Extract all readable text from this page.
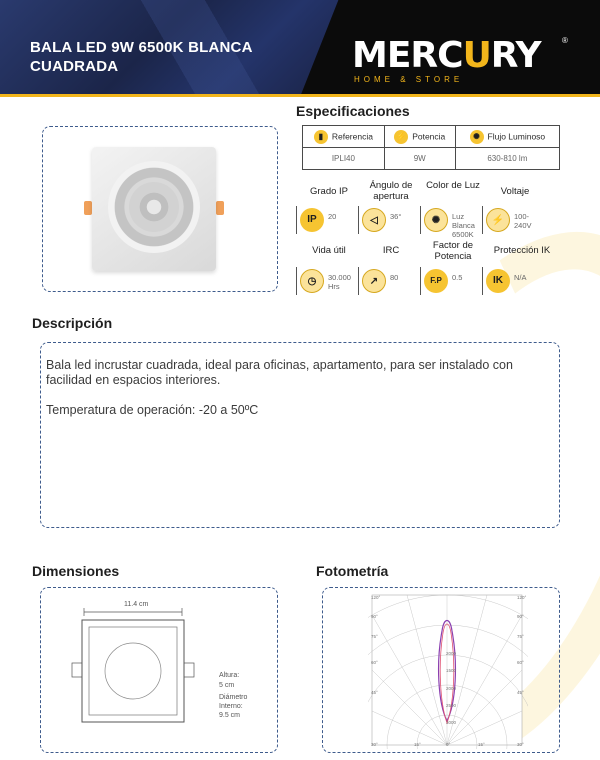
BALA LED 9W 6500K BLANCA CUADRADA	MERCURY
HOME & STORE
®
Especificaciones
▮ Referencia	⚡ Potencia	✺ Flujo Luminoso
IPLI40	9W	630-810 lm
Grado IP
IP	20
Ángulo de apertura
◁	36°
Color de Luz
✺	Luz Blanca 6500K
Voltaje
⚡	100-240V
Vida útil
◷	30.000 Hrs
IRC
↗	80
Factor de Potencia
F.P	0.5
Protección IK
IK	N/A
Descripción

Bala led incrustar cuadrada, ideal para oficinas, apartamento, para ser instalado con facilidad en espacios interiores.

Temperatura de operación: -20 a 50ºC

Dimensiones
11.4 cm
Altura:
5 cm
Diámetro Interno:
9.5 cm
Fotometría
120°
90°
75°
60°
45°
30°
120°
90°
75°
60°
45°
30°
15°	0°	15°
2000
1500
2000
2500
3000
